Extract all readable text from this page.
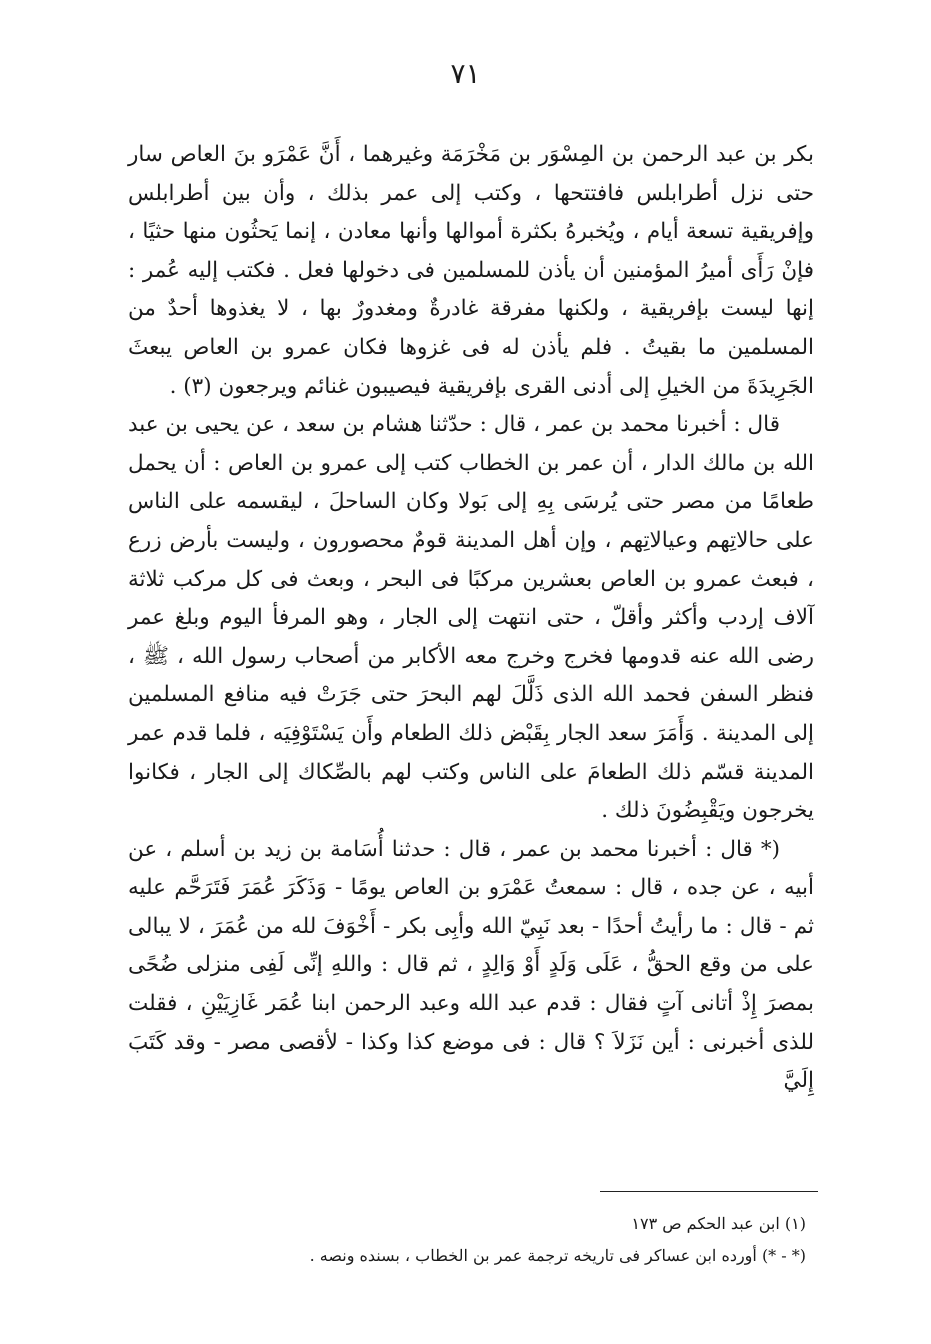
٧١

بكر بن عبد الرحمن بن المِسْوَر بن مَخْرَمَة وغيرهما ، أَنَّ عَمْرَو بنَ العاص سار حتى نزل أطرابلس فافتتحها ، وكتب إلى عمر بذلك ، وأن بين أطرابلس وإفريقية تسعة أيام ، ويُخبرهُ بكثرة أموالها وأنها معادن ، إنما يَحثُون منها حثيًا ، فإنْ رَأَى أميرُ المؤمنين أن يأذن للمسلمين فى دخولها فعل . فكتب إليه عُمر : إنها ليست بإفريقية ، ولكنها مفرقة غادرةٌ ومغدورٌ بها ، لا يغذوها أحدٌ من المسلمين ما بقيتُ . فلم يأذن له فى غزوها فكان عمرو بن العاص يبعثَ الجَرِيدَةَ من الخيلِ إلى أدنى القرى بإفريقية فيصيبون غنائم ويرجعون (٣) .

قال : أخبرنا محمد بن عمر ، قال : حدّثنا هشام بن سعد ، عن يحيى بن عبد الله بن مالك الدار ، أن عمر بن الخطاب كتب إلى عمرو بن العاص : أن يحمل طعامًا من مصر حتى يُرسَى بِهِ إلى بَولا وكان الساحلَ ، ليقسمه على الناس على حالاتِهم وعيالاتِهم ، وإن أهل المدينة قومٌ محصورون ، وليست بأرض زرع ، فبعث عمرو بن العاص بعشرين مركبًا فى البحر ، وبعث فى كل مركب ثلاثة آلاف إردب وأكثر وأقلّ ، حتى انتهت إلى الجار ، وهو المرفأ اليوم وبلغ عمر رضى الله عنه قدومها فخرج وخرج معه الأكابر من أصحاب رسول الله ، ﷺ ، فنظر السفن فحمد الله الذى ذَلَّلَ لهم البحرَ حتى جَرَتْ فيه منافع المسلمين إلى المدينة . وَأَمَرَ سعد الجار بِقَبْض ذلك الطعام وأَن يَسْتَوْفِيَه ، فلما قدم عمر المدينة قسّم ذلك الطعامَ على الناس وكتب لهم بالصِّكاك إلى الجار ، فكانوا يخرجون ويَقْبِضُونَ ذلك .

(* قال : أخبرنا محمد بن عمر ، قال : حدثنا أُسَامة بن زيد بن أسلم ، عن أبيه ، عن جده ، قال : سمعتُ عَمْرَو بن العاص يومًا - وَذَكَرَ عُمَرَ فَتَرَحَّم عليه ثم - قال : ما رأيتُ أحدًا - بعد نَبِيّ الله وأبِى بكر - أَخْوَفَ لله من عُمَرَ ، لا يبالى على من وقع الحقُّ ، عَلَى وَلَدٍ أَوْ وَالِدٍ ، ثم قال : واللهِ إنِّى لَفِى منزلى ضُحًى بمصرَ إِذْ أتانى آتٍ فقال : قدم عبد الله وعبد الرحمن ابنا عُمَر غَازِيَيْنِ ، فقلت للذى أخبرنى : أين نَزَلاَ ؟ قال : فى موضع كذا وكذا - لأقصى مصر - وقد كَتَبَ إِلَيَّ

(١) ابن عبد الحكم ص ١٧٣

(* - *) أورده ابن عساكر فى تاريخه ترجمة عمر بن الخطاب ، بسنده ونصه .
